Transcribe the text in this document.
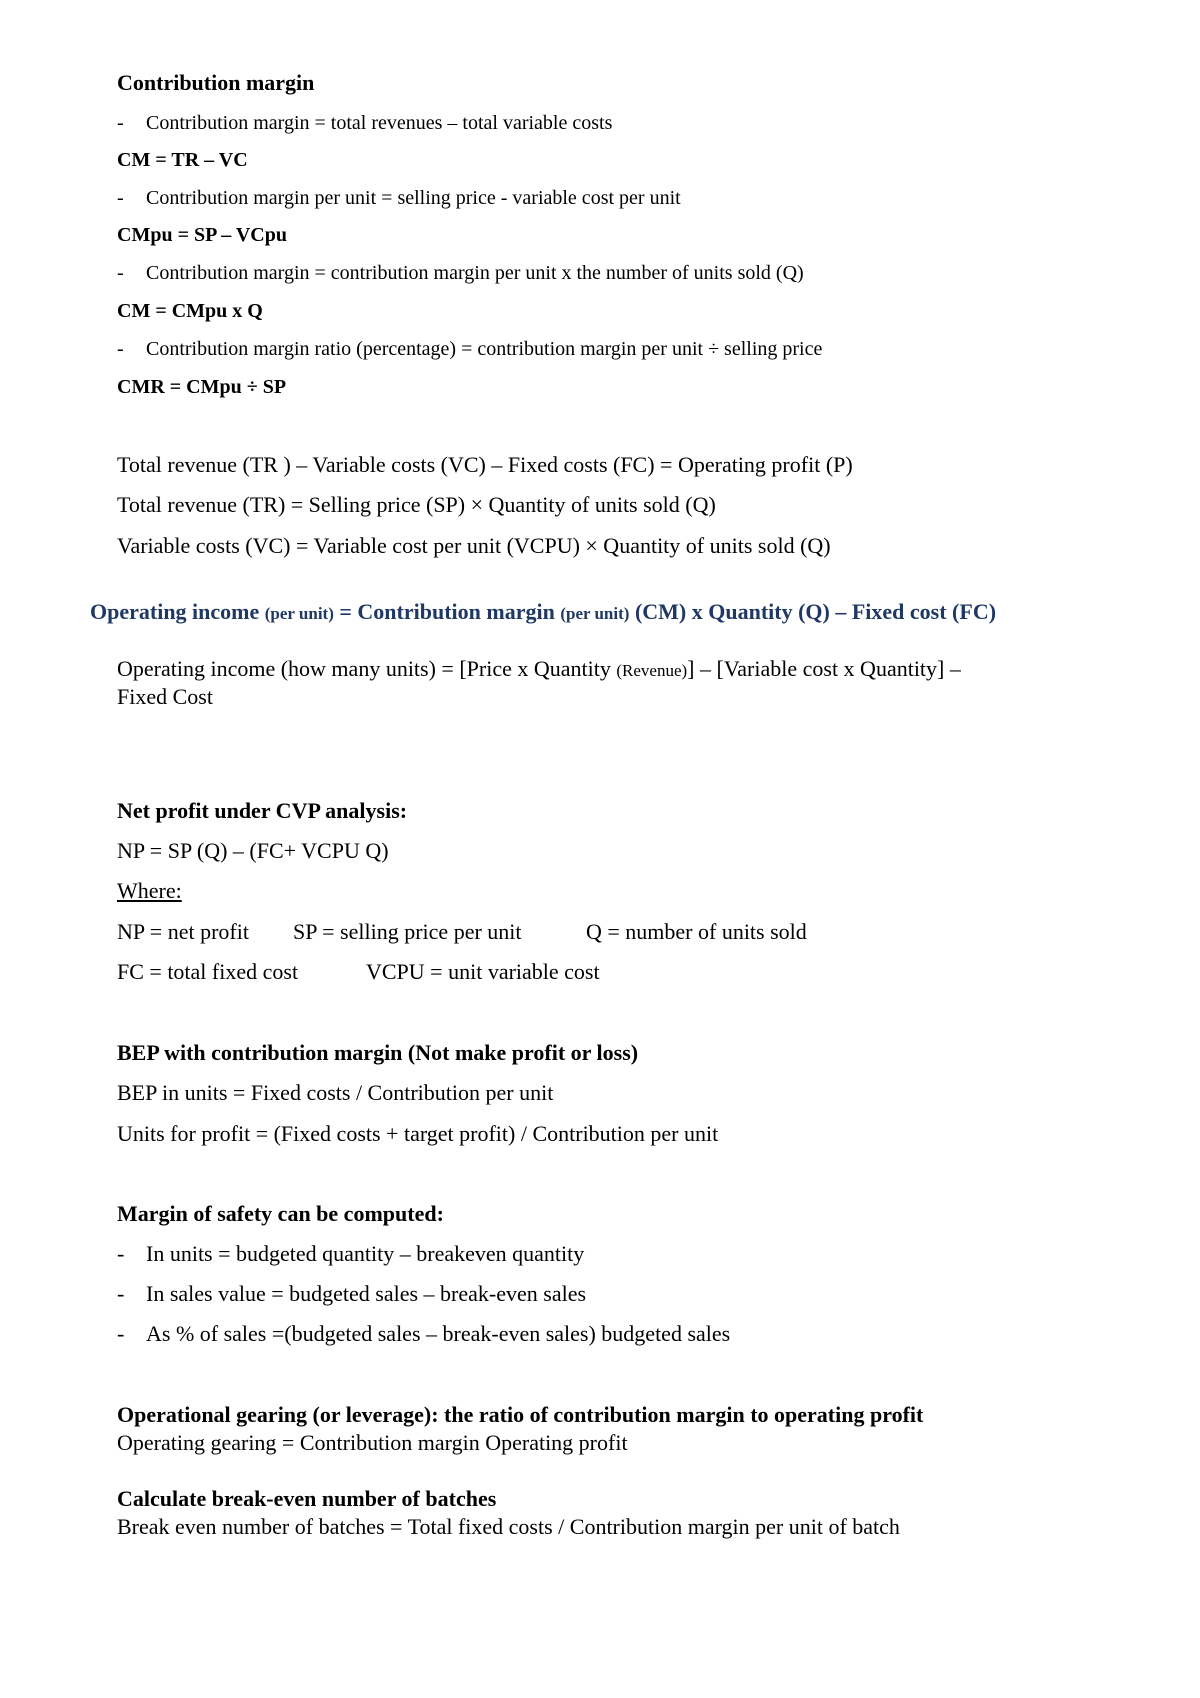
Contribution margin
- Contribution margin = total revenues – total variable costs
CM = TR – VC
- Contribution margin per unit = selling price - variable cost per unit
CMpu = SP – VCpu
- Contribution margin = contribution margin per unit x the number of units sold (Q)
CM = CMpu x Q
- Contribution margin ratio (percentage) = contribution margin per unit ÷ selling price
CMR = CMpu ÷ SP
Total revenue (TR ) – Variable costs (VC) – Fixed costs (FC) = Operating profit (P)
Total revenue (TR) = Selling price (SP) × Quantity of units sold (Q)
Variable costs (VC) = Variable cost per unit (VCPU) × Quantity of units sold (Q)
Operating income (per unit) = Contribution margin (per unit) (CM) x Quantity (Q) – Fixed cost (FC)
Operating income (how many units) = [Price x Quantity (Revenue)] – [Variable cost x Quantity] –
Fixed Cost
Net profit under CVP analysis:
NP = SP (Q) – (FC+ VCPU Q)
Where:
NP = net profit SP = selling price per unit	Q = number of units sold
FC = total fixed cost	VCPU = unit variable cost
BEP with contribution margin (Not make profit or loss)
BEP in units = Fixed costs / Contribution per unit
Units for profit = (Fixed costs + target profit) / Contribution per unit
Margin of safety can be computed:
- In units = budgeted quantity – breakeven quantity
- In sales value = budgeted sales – break-even sales
- As % of sales =(budgeted sales – break-even sales) budgeted sales
Operational gearing (or leverage): the ratio of contribution margin to operating profit
Operating gearing = Contribution margin Operating profit
Calculate break-even number of batches
Break even number of batches = Total fixed costs / Contribution margin per unit of batch
